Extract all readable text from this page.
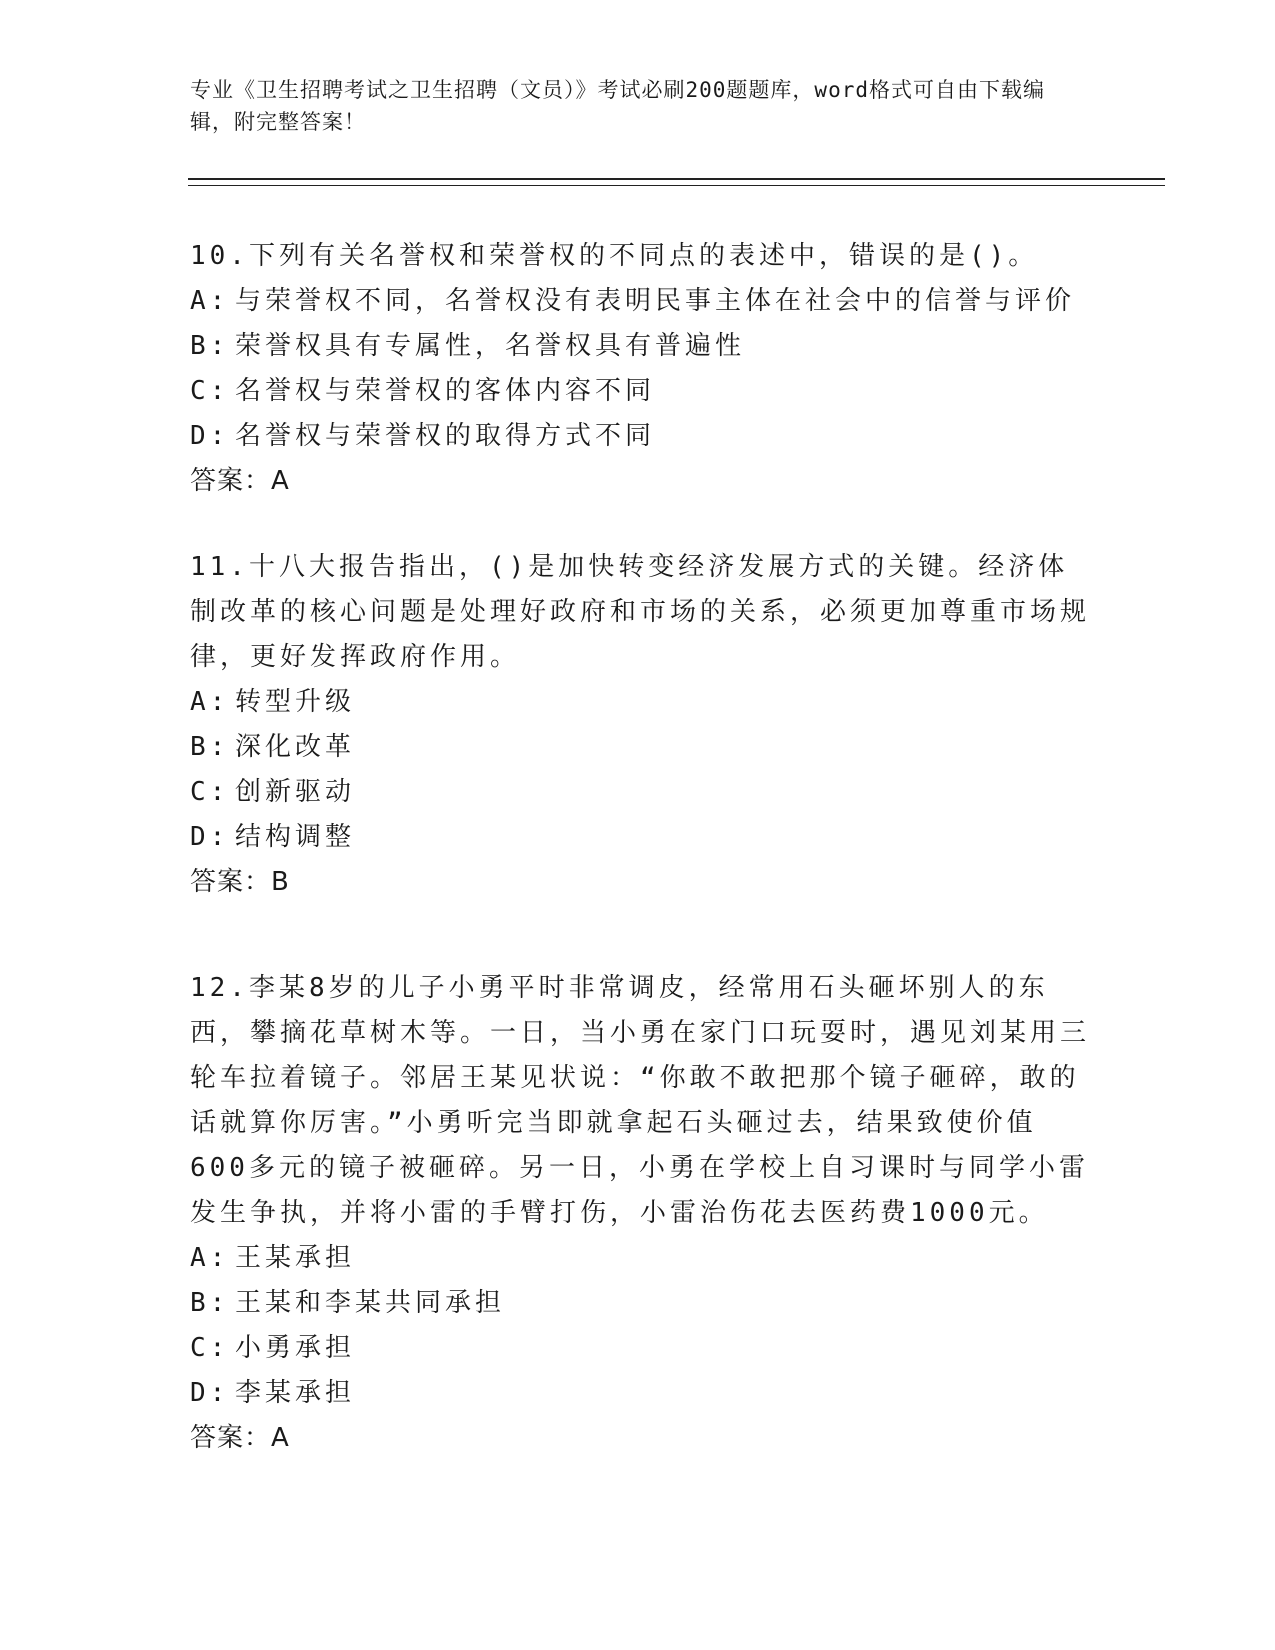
专业《卫生招聘考试之卫生招聘（文员）》考试必刷200题题库，word格式可自由下载编辑，附完整答案！

10.下列有关名誉权和荣誉权的不同点的表述中，错误的是()。

A: 与荣誉权不同，名誉权没有表明民事主体在社会中的信誉与评价

B: 荣誉权具有专属性，名誉权具有普遍性

C: 名誉权与荣誉权的客体内容不同

D: 名誉权与荣誉权的取得方式不同

答案：A

11.十八大报告指出，()是加快转变经济发展方式的关键。经济体制改革的核心问题是处理好政府和市场的关系，必须更加尊重市场规律，更好发挥政府作用。

A: 转型升级

B: 深化改革

C: 创新驱动

D: 结构调整

答案：B

12.李某8岁的儿子小勇平时非常调皮，经常用石头砸坏别人的东西，攀摘花草树木等。一日，当小勇在家门口玩耍时，遇见刘某用三轮车拉着镜子。邻居王某见状说：“你敢不敢把那个镜子砸碎，敢的话就算你厉害。”小勇听完当即就拿起石头砸过去，结果致使价值600多元的镜子被砸碎。另一日，小勇在学校上自习课时与同学小雷发生争执，并将小雷的手臂打伤，小雷治伤花去医药费1000元。

A: 王某承担

B: 王某和李某共同承担

C: 小勇承担

D: 李某承担

答案：A
